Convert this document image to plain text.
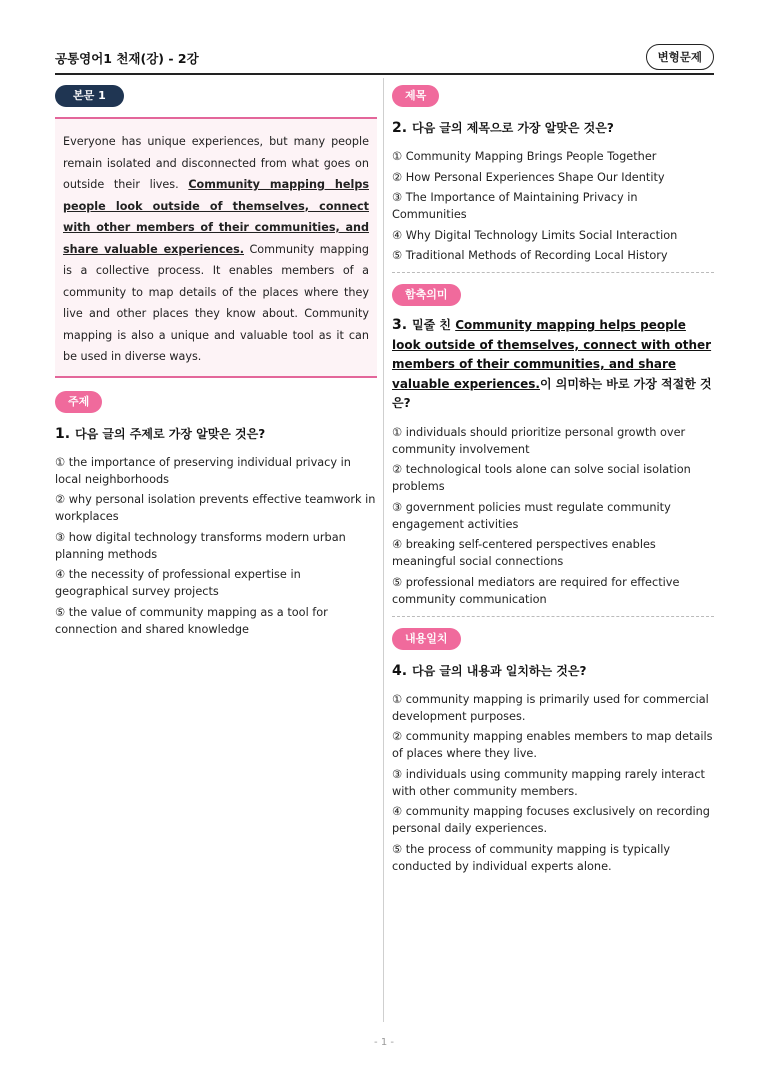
공통영어1 천재(강) - 2강	변형문제
본문 1
Everyone has unique experiences, but many people remain isolated and disconnected from what goes on outside their lives. Community mapping helps people look outside of themselves, connect with other members of their communities, and share valuable experiences. Community mapping is a collective process. It enables members of a community to map details of the places where they live and other places they know about. Community mapping is also a unique and valuable tool as it can be used in diverse ways.
주제
1. 다음 글의 주제로 가장 알맞은 것은?
① the importance of preserving individual privacy in local neighborhoods
② why personal isolation prevents effective teamwork in workplaces
③ how digital technology transforms modern urban planning methods
④ the necessity of professional expertise in geographical survey projects
⑤ the value of community mapping as a tool for connection and shared knowledge
제목
2. 다음 글의 제목으로 가장 알맞은 것은?
① Community Mapping Brings People Together
② How Personal Experiences Shape Our Identity
③ The Importance of Maintaining Privacy in Communities
④ Why Digital Technology Limits Social Interaction
⑤ Traditional Methods of Recording Local History
함축의미
3. 밑줄 친 Community mapping helps people look outside of themselves, connect with other members of their communities, and share valuable experiences.이 의미하는 바로 가장 적절한 것은?
① individuals should prioritize personal growth over community involvement
② technological tools alone can solve social isolation problems
③ government policies must regulate community engagement activities
④ breaking self-centered perspectives enables meaningful social connections
⑤ professional mediators are required for effective community communication
내용일치
4. 다음 글의 내용과 일치하는 것은?
① community mapping is primarily used for commercial development purposes.
② community mapping enables members to map details of places where they live.
③ individuals using community mapping rarely interact with other community members.
④ community mapping focuses exclusively on recording personal daily experiences.
⑤ the process of community mapping is typically conducted by individual experts alone.
- 1 -
